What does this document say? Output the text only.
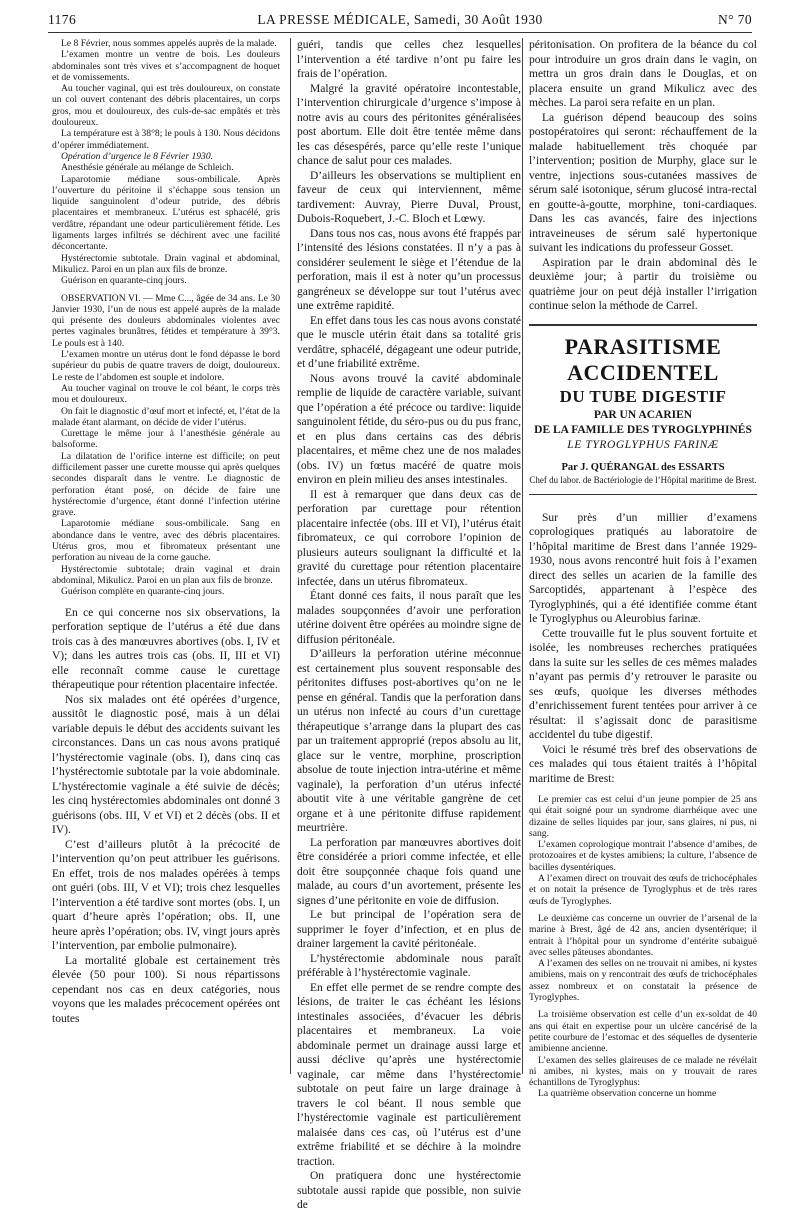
1176	LA PRESSE MÉDICALE, Samedi, 30 Août 1930	N° 70

Le 8 Février, nous sommes appelés auprès de la malade.

L’examen montre un ventre de bois. Les douleurs abdominales sont très vives et s’accompagnent de hoquet et de vomissements.

Au toucher vaginal, qui est très douloureux, on constate un col ouvert contenant des débris placentaires, un corps gros, mou et douloureux, des culs-de-sac empâtés et très douloureux.

La température est à 38°8; le pouls à 130. Nous décidons d’opérer immédiatement.

Opération d’urgence le 8 Février 1930.

Anesthésie générale au mélange de Schleich.

Laparotomie médiane sous-ombilicale. Après l’ouverture du péritoine il s’échappe sous tension un liquide sanguinolent d’odeur putride, des débris placentaires et membraneux. L’utérus est sphacélé, gris verdâtre, répandant une odeur particulièrement fétide. Les ligaments larges infiltrés se déchirent avec une facilité déconcertante.

Hystérectomie subtotale. Drain vaginal et abdominal, Mikulicz. Paroi en un plan aux fils de bronze.

Guérison en quarante-cinq jours.

OBSERVATION VI. — Mme C..., âgée de 34 ans. Le 30 Janvier 1930, l’un de nous est appelé auprès de la malade qui présente des douleurs abdominales violentes avec pertes vaginales brunâtres, fétides et température à 39°3. Le pouls est à 140.

L’examen montre un utérus dont le fond dépasse le bord supérieur du pubis de quatre travers de doigt, douloureux. Le reste de l’abdomen est souple et indolore.

Au toucher vaginal on trouve le col béant, le corps très mou et douloureux.

On fait le diagnostic d’œuf mort et infecté, et, l’état de la malade étant alarmant, on décide de vider l’utérus.

Curettage le même jour à l’anesthésie générale au balsoforme.

La dilatation de l’orifice interne est difficile; on peut difficilement passer une curette mousse qui après quelques secondes disparaît dans le ventre. Le diagnostic de perforation étant posé, on décide de faire une hystérectomie d’urgence, étant donné l’infection utérine grave.

Laparotomie médiane sous-ombilicale. Sang en abondance dans le ventre, avec des débris placentaires. Utérus gros, mou et fibromateux présentant une perforation au niveau de la corne gauche.

Hystérectomie subtotale; drain vaginal et drain abdominal, Mikulicz. Paroi en un plan aux fils de bronze.

Guérison complète en quarante-cinq jours.

En ce qui concerne nos six observations, la perforation septique de l’utérus a été due dans trois cas à des manœuvres abortives (obs. I, IV et V); dans les autres trois cas (obs. II, III et VI) elle reconnaît comme cause le curettage thérapeutique pour rétention placentaire infectée.

Nos six malades ont été opérées d’urgence, aussitôt le diagnostic posé, mais à un délai variable depuis le début des accidents suivant les circonstances. Dans un cas nous avons pratiqué l’hystérectomie vaginale (obs. I), dans cinq cas l’hystérectomie subtotale par la voie abdominale. L’hystérectomie vaginale a été suivie de décès; les cinq hystérectomies abdominales ont donné 3 guérisons (obs. III, V et VI) et 2 décès (obs. II et IV).

C’est d’ailleurs plutôt à la précocité de l’intervention qu’on peut attribuer les guérisons. En effet, trois de nos malades opérées à temps ont guéri (obs. III, V et VI); trois chez lesquelles l’intervention a été tardive sont mortes (obs. I, un quart d’heure après l’opération; obs. II, une heure après l’opération; obs. IV, vingt jours après l’intervention, par embolie pulmonaire).

La mortalité globale est certainement très élevée (50 pour 100). Si nous répartissons cependant nos cas en deux catégories, nous voyons que les malades précocement opérées ont toutes

guéri, tandis que celles chez lesquelles l’intervention a été tardive n’ont pu faire les frais de l’opération.

Malgré la gravité opératoire incontestable, l’intervention chirurgicale d’urgence s’impose à notre avis au cours des péritonites généralisées post abortum. Elle doit être tentée même dans les cas désespérés, parce qu’elle reste l’unique chance de salut pour ces malades.

D’ailleurs les observations se multiplient en faveur de ceux qui interviennent, même tardivement: Auvray, Pierre Duval, Proust, Dubois-Roquebert, J.-C. Bloch et Lœwy.

Dans tous nos cas, nous avons été frappés par l’intensité des lésions constatées. Il n’y a pas à considérer seulement le siège et l’étendue de la perforation, mais il est à noter qu’un processus gangréneux se développe sur tout l’utérus avec une extrême rapidité.

En effet dans tous les cas nous avons constaté que le muscle utérin était dans sa totalité gris verdâtre, sphacélé, dégageant une odeur putride, et d’une friabilité extrême.

Nous avons trouvé la cavité abdominale remplie de liquide de caractère variable, suivant que l’opération a été précoce ou tardive: liquide sanguinolent fétide, du séro-pus ou du pus franc, et en plus dans certains cas des débris placentaires, et même chez une de nos malades (obs. IV) un fœtus macéré de quatre mois environ en plein milieu des anses intestinales.

Il est à remarquer que dans deux cas de perforation par curettage pour rétention placentaire infectée (obs. III et VI), l’utérus était fibromateux, ce qui corrobore l’opinion de plusieurs auteurs soulignant la difficulté et la gravité du curettage pour rétention placentaire infectée, dans un utérus fibromateux.

Étant donné ces faits, il nous paraît que les malades soupçonnées d’avoir une perforation utérine doivent être opérées au moindre signe de diffusion péritonéale.

D’ailleurs la perforation utérine méconnue est certainement plus souvent responsable des péritonites diffuses post-abortives qu’on ne le pense en général. Tandis que la perforation dans un utérus non infecté au cours d’un curettage thérapeutique s’arrange dans la plupart des cas par un traitement approprié (repos absolu au lit, glace sur le ventre, morphine, proscription absolue de toute injection intra-utérine et même vaginale), la perforation d’un utérus infecté aboutit vite à une véritable gangrène de cet organe et à une péritonite diffuse rapidement meurtrière.

La perforation par manœuvres abortives doit être considérée a priori comme infectée, et elle doit être soupçonnée chaque fois quand une malade, au cours d’un avortement, présente les signes d’une péritonite en voie de diffusion.

Le but principal de l’opération sera de supprimer le foyer d’infection, et en plus de drainer largement la cavité péritonéale.

L’hystérectomie abdominale nous paraît préférable à l’hystérectomie vaginale.

En effet elle permet de se rendre compte des lésions, de traiter le cas échéant les lésions intestinales associées, d’évacuer les débris placentaires et membraneux. La voie abdominale permet un drainage aussi large et aussi déclive qu’après une hystérectomie vaginale, car même dans l’hystérectomie subtotale on peut faire un large drainage à travers le col béant. Il nous semble que l’hystérectomie vaginale est particulièrement malaisée dans ces cas, où l’utérus est d’une extrême friabilité et se déchire à la moindre traction.

On pratiquera donc une hystérectomie subtotale aussi rapide que possible, non suivie de

péritonisation. On profitera de la béance du col pour introduire un gros drain dans le vagin, on mettra un gros drain dans le Douglas, et on placera ensuite un grand Mikulicz avec des mèches. La paroi sera refaite en un plan.

La guérison dépend beaucoup des soins postopératoires qui seront: réchauffement de la malade habituellement très choquée par l’intervention; position de Murphy, glace sur le ventre, injections sous-cutanées massives de sérum salé isotonique, sérum glucosé intra-rectal en goutte-à-goutte, morphine, toni-cardiaques. Dans les cas avancés, faire des injections intraveineuses de sérum salé hypertonique suivant les indications du professeur Gosset.

Aspiration par le drain abdominal dès le deuxième jour; à partir du troisième ou quatrième jour on peut déjà installer l’irrigation continue selon la méthode de Carrel.

PARASITISME ACCIDENTEL
DU TUBE DIGESTIF
PAR UN ACARIEN
DE LA FAMILLE DES TYROGLYPHINÉS
LE TYROGLYPHUS FARINÆ
Par J. QUÉRANGAL des ESSARTS
Chef du labor. de Bactériologie de l’Hôpital maritime de Brest.

Sur près d’un millier d’examens coprologiques pratiqués au laboratoire de l’hôpital maritime de Brest dans l’année 1929-1930, nous avons rencontré huit fois à l’examen direct des selles un acarien de la famille des Sarcoptidés, appartenant à l’espèce des Tyroglyphinés, qui a été identifiée comme étant le Tyroglyphus ou Aleurobius farinæ.

Cette trouvaille fut le plus souvent fortuite et isolée, les nombreuses recherches pratiquées dans la suite sur les selles de ces mêmes malades n’ayant pas permis d’y retrouver le parasite ou ses œufs, quoique les diverses méthodes d’enrichissement furent tentées pour arriver à ce résultat: il s’agissait donc de parasitisme accidentel du tube digestif.

Voici le résumé très bref des observations de ces malades qui tous étaient traités à l’hôpital maritime de Brest:

Le premier cas est celui d’un jeune pompier de 25 ans qui était soigné pour un syndrome diarrhéique avec une dizaine de selles liquides par jour, sans glaires, ni pus, ni sang.

L’examen coprologique montrait l’absence d’amibes, de protozoaires et de kystes amibiens; la culture, l’absence de bacilles dysentériques.

A l’examen direct on trouvait des œufs de trichocéphales et on notait la présence de Tyroglyphus et de très rares œufs de Tyroglyphes.

Le deuxième cas concerne un ouvrier de l’arsenal de la marine à Brest, âgé de 42 ans, ancien dysentérique; il entrait à l’hôpital pour un syndrome d’entérite subaiguë avec selles pâteuses abondantes.

A l’examen des selles on ne trouvait ni amibes, ni kystes amibiens, mais on y rencontrait des œufs de trichocéphales assez nombreux et on constatait la présence de Tyroglyphes.

La troisième observation est celle d’un ex-soldat de 40 ans qui était en expertise pour un ulcère cancérisé de la petite courbure de l’estomac et des séquelles de dysenterie amibienne ancienne.

L’examen des selles glaireuses de ce malade ne révélait ni amibes, ni kystes, mais on y trouvait de rares échantillons de Tyroglyphus:

La quatrième observation concerne un homme
